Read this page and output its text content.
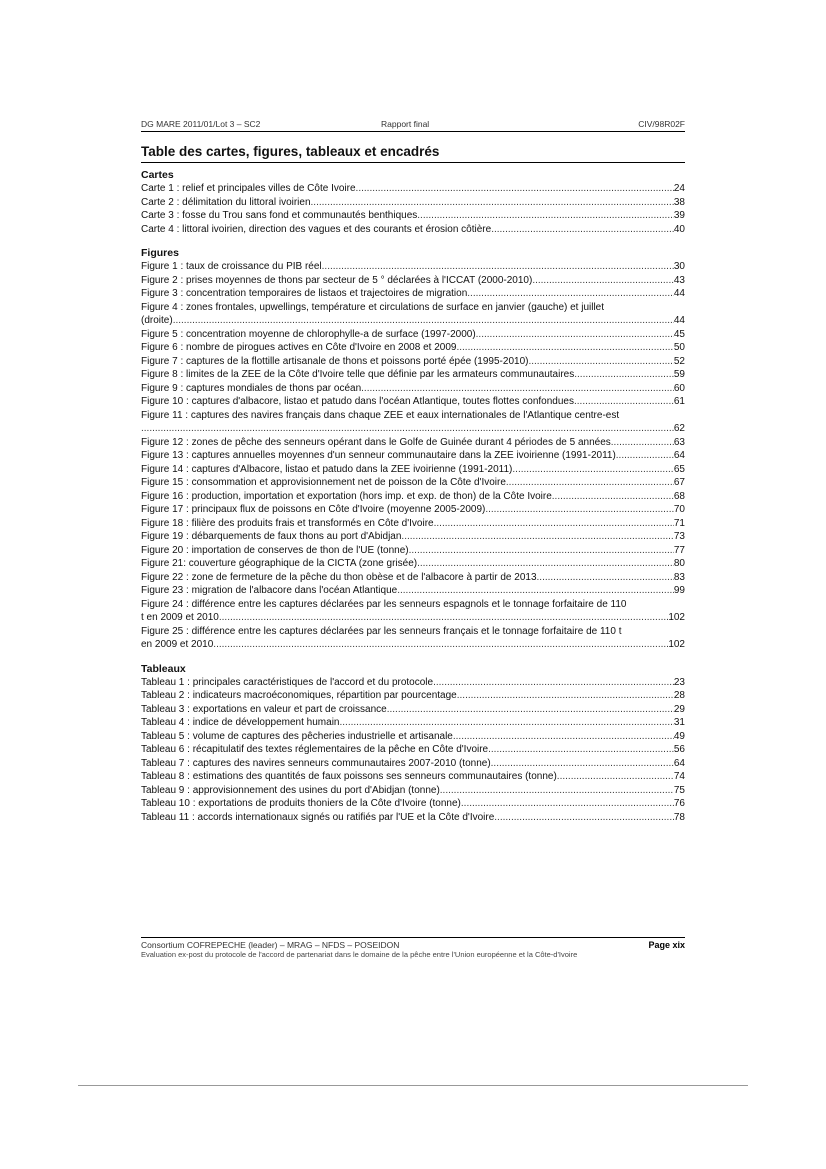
DG MARE 2011/01/Lot 3 – SC2	Rapport final	CIV/98R02F
Table des cartes, figures, tableaux et encadrés
Cartes
Carte 1 : relief et principales villes de Côte Ivoire .....	24
Carte 2 : délimitation du littoral ivoirien .....	38
Carte 3 : fosse du Trou sans fond et communautés benthiques .....	39
Carte 4 : littoral ivoirien, direction des vagues et des courants et érosion côtière .....	40
Figures
Figure 1 : taux de croissance du PIB réel .....	30
Figure 2 : prises moyennes de thons par secteur de 5 ° déclarées à l'ICCAT (2000-2010) .....	43
Figure 3 : concentration temporaires de listaos et trajectoires de migration .....	44
Figure 4 : zones frontales, upwellings, température et circulations de surface en janvier (gauche) et juillet
(droite) .....	44
Figure 5 : concentration moyenne de chlorophylle-a de surface (1997-2000) .....	45
Figure 6 : nombre de pirogues actives en Côte d'Ivoire en 2008 et 2009 .....	50
Figure 7 : captures de la flottille artisanale de thons et poissons porté épée (1995-2010) .....	52
Figure 8 : limites de la ZEE de la Côte d'Ivoire telle que définie par les armateurs communautaires .....	59
Figure 9 : captures mondiales de thons par océan .....	60
Figure 10 : captures d'albacore, listao et patudo dans l'océan Atlantique, toutes flottes confondues .....	61
Figure 11 : captures des navires français dans chaque ZEE et eaux internationales de l'Atlantique centre-est
.....
62
Figure 12 : zones de pêche des senneurs opérant dans le Golfe de Guinée durant 4 périodes de 5 années .....	63
Figure 13 : captures annuelles moyennes d'un senneur communautaire dans la ZEE ivoirienne (1991-2011) .....	64
Figure 14 : captures d'Albacore, listao et patudo dans la ZEE ivoirienne (1991-2011) .....	65
Figure 15 : consommation et approvisionnement net de poisson de la Côte d'Ivoire .....	67
Figure 16 : production, importation et exportation (hors imp. et exp. de thon) de la Côte Ivoire .....	68
Figure 17 : principaux flux de poissons en Côte d'Ivoire (moyenne 2005-2009) .....	70
Figure 18 : filière des produits frais et transformés en Côte d'Ivoire .....	71
Figure 19 : débarquements de faux thons au port d'Abidjan .....	73
Figure 20 : importation de conserves de thon de l'UE (tonne) .....	77
Figure 21: couverture géographique de la CICTA (zone grisée) .....	80
Figure 22 : zone de fermeture de la pêche du thon obèse et de l'albacore à partir de 2013 .....	83
Figure 23 : migration de l'albacore dans l'océan Atlantique .....	99
Figure 24 : différence entre les captures déclarées par les senneurs espagnols et le tonnage forfaitaire de 110
t en 2009 et 2010 .....	102
Figure 25 : différence entre les captures déclarées par les senneurs français et le tonnage forfaitaire de 110 t
en 2009 et 2010 .....	102
Tableaux
Tableau 1 : principales caractéristiques de l'accord et du protocole .....	23
Tableau 2 : indicateurs macroéconomiques, répartition par pourcentage .....	28
Tableau 3 : exportations en valeur et part de croissance .....	29
Tableau 4 : indice de développement humain .....	31
Tableau 5 : volume de captures des pêcheries industrielle et artisanale .....	49
Tableau 6 : récapitulatif des textes réglementaires de la pêche en Côte d'Ivoire .....	56
Tableau 7 : captures des navires senneurs communautaires 2007-2010 (tonne) .....	64
Tableau 8 : estimations des quantités de faux poissons ses senneurs communautaires (tonne) .....	74
Tableau 9 : approvisionnement des usines du port d'Abidjan (tonne) .....	75
Tableau 10 : exportations de produits thoniers de la Côte d'Ivoire (tonne) .....	76
Tableau 11 : accords internationaux signés ou ratifiés par l'UE et la Côte d'Ivoire .....	78
Consortium COFREPECHE (leader) – MRAG – NFDS – POSEIDON	Page xix
Evaluation ex-post du protocole de l'accord de partenariat dans le domaine de la pêche entre l'Union européenne et la Côte-d'Ivoire
